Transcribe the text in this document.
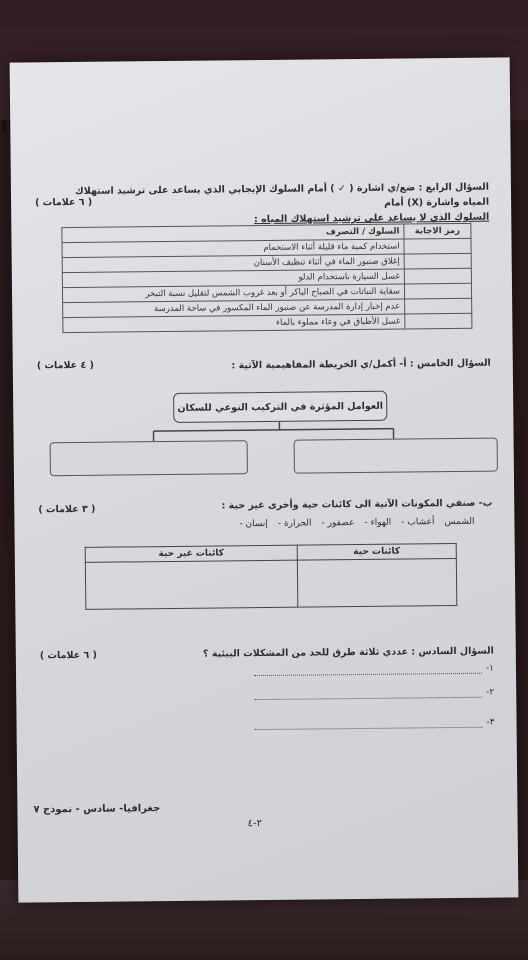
السؤال الرابع : ضع/ي اشارة ( ✓ ) أمام السلوك الإيجابي الذي يساعد على ترشيد استهلاك المياه واشارة (X) أمام
السلوك الذي لا يساعد على ترشيد استهلاك المياه :
( ٦ علامات )
السلوك / التصرف	رمز الاجابة
استخدام كمية ماء قليلة أثناء الاستحمام	
إغلاق صنبور الماء في أثناء تنظيف الأسنان	
غسل السيارة باستخدام الدلو	
سقاية النباتات في الصباح الباكر أو بعد غروب الشمس لتقليل نسبة التبخر	
عدم إخبار إدارة المدرسة عن صنبور الماء المكسور في ساحة المدرسة	
غسل الأطباق في وعاء مملوء بالماء	
السؤال الخامس : أ- أكمل/ي الخريطة المفاهيمية الآتية :
( ٤ علامات )
العوامل المؤثرة في التركيب النوعي للسكان
ب- صنفي المكونات الآتية الى كائنات حية وأخرى غير حية :
( ٣ علامات )
الشمس
- أعشاب
- الهواء
- عصفور
- الحرارة
- إنسان
كائنات غير حية	كائنات حية

السؤال السادس : عددي ثلاثة طرق للحد من المشكلات البيئية ؟
( ٦ علامات )
-١
-٢
-٣
جغرافيا- سادس - نموذج ٧
٢-٤
